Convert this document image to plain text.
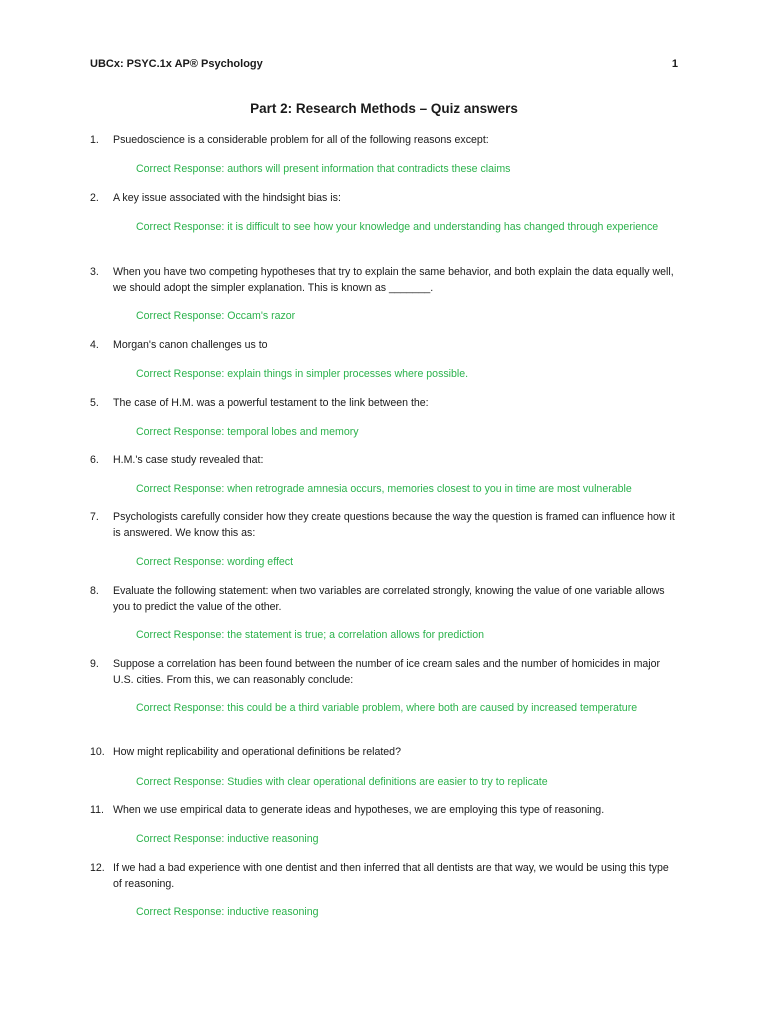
UBCx: PSYC.1x AP® Psychology	1
Part 2: Research Methods – Quiz answers
1. Psuedoscience is a considerable problem for all of the following reasons except:
Correct Response: authors will present information that contradicts these claims
2. A key issue associated with the hindsight bias is:
Correct Response: it is difficult to see how your knowledge and understanding has changed through experience
3. When you have two competing hypotheses that try to explain the same behavior, and both explain the data equally well, we should adopt the simpler explanation. This is known as _______.
Correct Response: Occam's razor
4. Morgan's canon challenges us to
Correct Response: explain things in simpler processes where possible.
5. The case of H.M. was a powerful testament to the link between the:
Correct Response: temporal lobes and memory
6. H.M.'s case study revealed that:
Correct Response: when retrograde amnesia occurs, memories closest to you in time are most vulnerable
7. Psychologists carefully consider how they create questions because the way the question is framed can influence how it is answered. We know this as:
Correct Response: wording effect
8. Evaluate the following statement: when two variables are correlated strongly, knowing the value of one variable allows you to predict the value of the other.
Correct Response: the statement is true; a correlation allows for prediction
9. Suppose a correlation has been found between the number of ice cream sales and the number of homicides in major U.S. cities. From this, we can reasonably conclude:
Correct Response: this could be a third variable problem, where both are caused by increased temperature
10. How might replicability and operational definitions be related?
Correct Response: Studies with clear operational definitions are easier to try to replicate
11. When we use empirical data to generate ideas and hypotheses, we are employing this type of reasoning.
Correct Response: inductive reasoning
12. If we had a bad experience with one dentist and then inferred that all dentists are that way, we would be using this type of reasoning.
Correct Response: inductive reasoning
